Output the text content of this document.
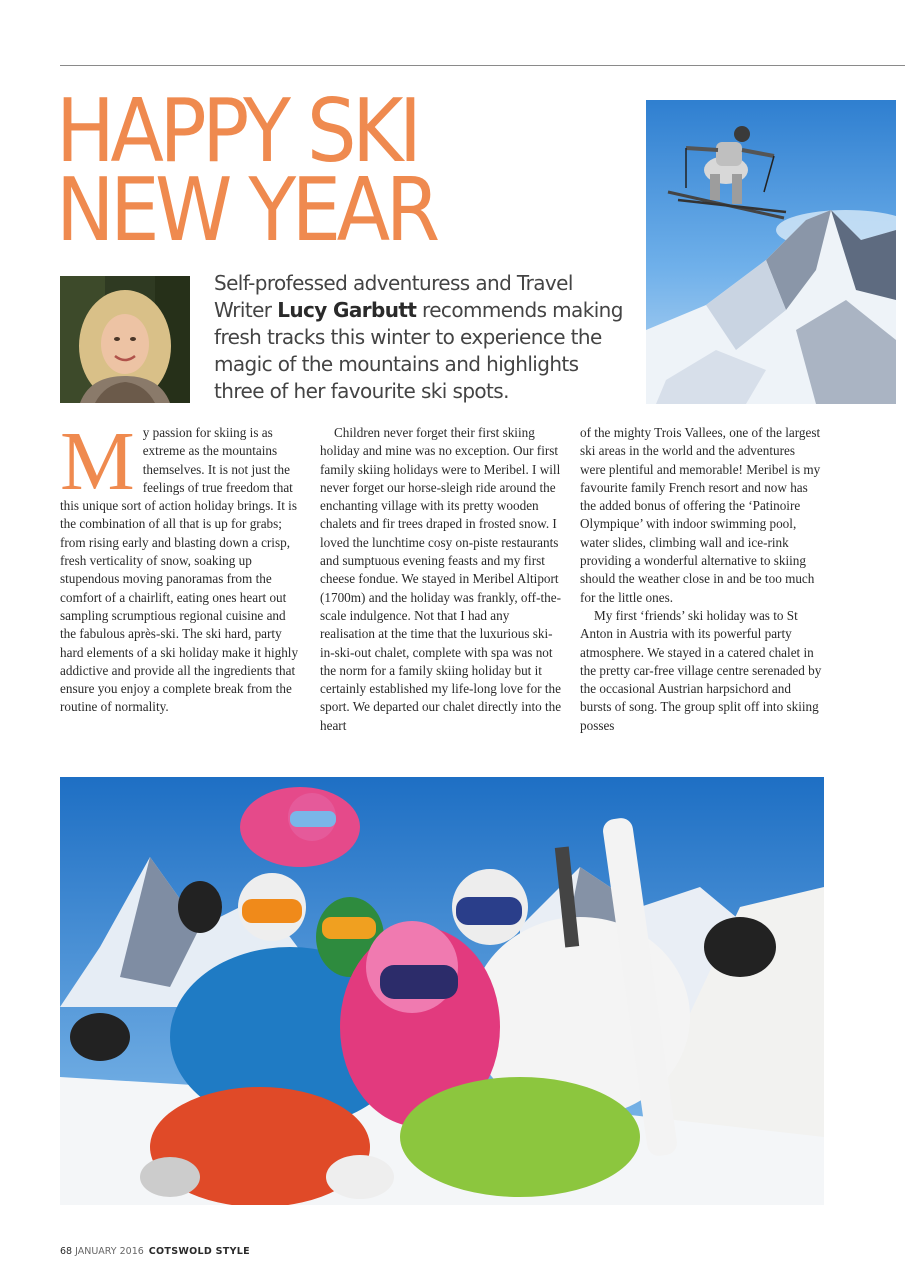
HAPPY SKI
NEW YEAR

Self-professed adventuress and Travel Writer Lucy Garbutt recommends making fresh tracks this winter to experience the magic of the mountains and highlights three of her favourite ski spots.

My passion for skiing is as extreme as the mountains themselves. It is not just the feelings of true freedom that this unique sort of action holiday brings. It is the combination of all that is up for grabs; from rising early and blasting down a crisp, fresh verticality of snow, soaking up stupendous moving panoramas from the comfort of a chairlift, eating ones heart out sampling scrumptious regional cuisine and the fabulous après-ski. The ski hard, party hard elements of a ski holiday make it highly addictive and provide all the ingredients that ensure you enjoy a complete break from the routine of normality.

Children never forget their first skiing holiday and mine was no exception. Our first family skiing holidays were to Meribel. I will never forget our horse-sleigh ride around the enchanting village with its pretty wooden chalets and fir trees draped in frosted snow. I loved the lunchtime cosy on-piste restaurants and sumptuous evening feasts and my first cheese fondue. We stayed in Meribel Altiport (1700m) and the holiday was frankly, off-the-scale indulgence. Not that I had any realisation at the time that the luxurious ski-in-ski-out chalet, complete with spa was not the norm for a family skiing holiday but it certainly established my life-long love for the sport. We departed our chalet directly into the heart

of the mighty Trois Vallees, one of the largest ski areas in the world and the adventures were plentiful and memorable! Meribel is my favourite family French resort and now has the added bonus of offering the ‘Patinoire Olympique’ with indoor swimming pool, water slides, climbing wall and ice-rink providing a wonderful alternative to skiing should the weather close in and be too much for the little ones.

My first ‘friends’ ski holiday was to St Anton in Austria with its powerful party atmosphere. We stayed in a catered chalet in the pretty car-free village centre serenaded by the occasional Austrian harpsichord and bursts of song. The group split off into skiing posses

68 JANUARY 2016 COTSWOLD STYLE
